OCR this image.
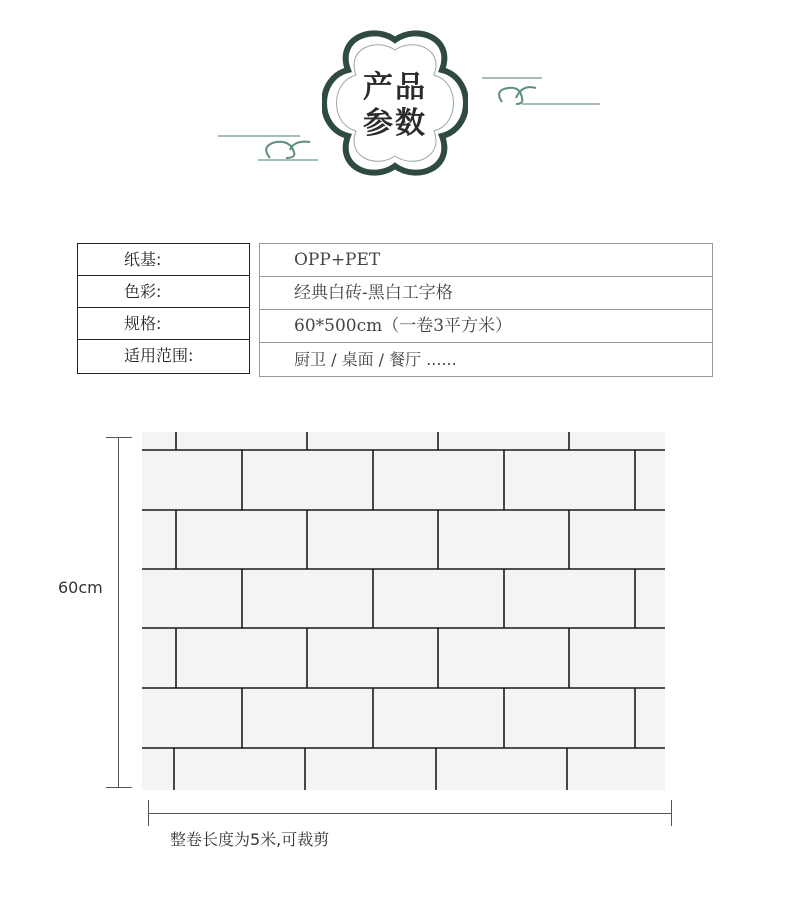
产品
参数
纸基:
色彩:
规格:
适用范围:
OPP+PET
经典白砖-黑白工字格
60*500cm（一卷3平方米）
厨卫 / 桌面 / 餐厅 ......
60cm
整卷长度为5米,可裁剪
